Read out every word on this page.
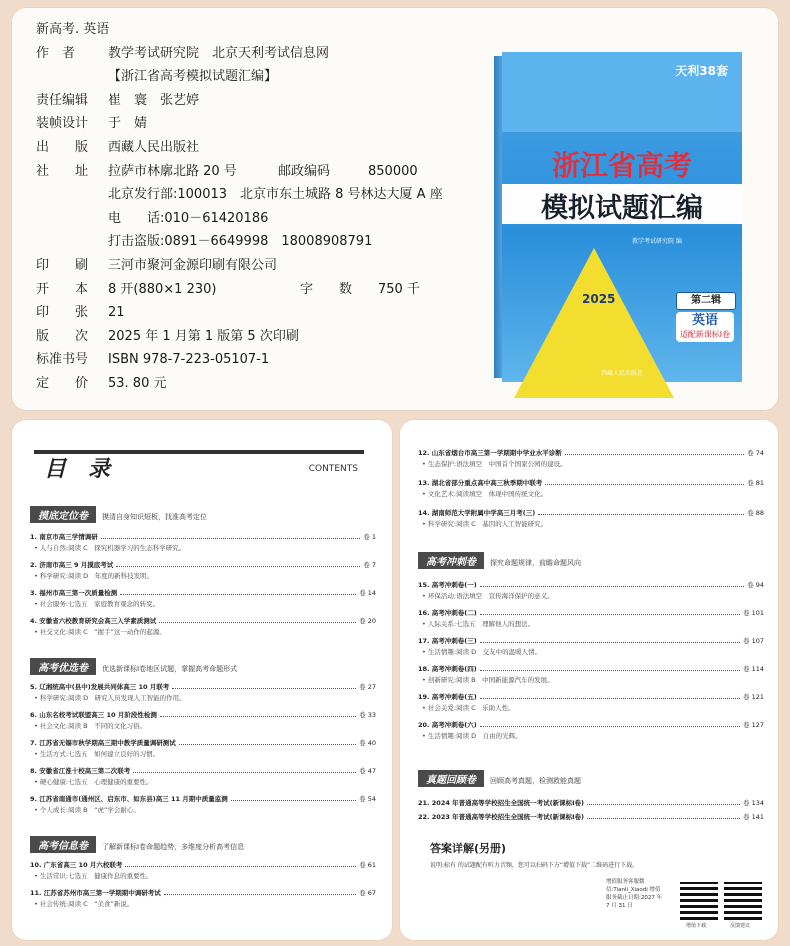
新高考. 英语
作　者	教学考试研究院　北京天利考试信息网
【浙江省高考模拟试题汇编】
责任编辑	崔　寰　张艺婷
装帧设计	于　婧
出　　版	西藏人民出版社
社　　址	拉萨市林廓北路 20 号	邮政编码	850000
北京发行部:100013　北京市东土城路 8 号林达大厦 A 座
电　　话: 010－61420186
打击盗版:0891－6649998　18008908791
印　　刷	三河市聚河金源印刷有限公司
开　　本	8 开(880×1 230)	字　　数	750 千
印　　张	21
版　　次	2025 年 1 月第 1 版第 5 次印刷
标准书号	ISBN 978-7-223-05107-1
定　　价	53. 80 元
天利38套
浙江省高考
模拟试题汇编
教学考试研究院 编
2025	第二辑
英语
适配新课标Ⅰ卷
西藏人民出版社
目　录	CONTENTS
摸底定位卷 摸清自身知识短板，找准高考定位
1. 南京市高三学情调研	卷 1
• 人与自然:阅读 C　探究机器学习的生态科学研究。
2. 济南市高三 9 月摸底考试	卷 7
• 科学研究:阅读 D　年度的新科技发明。
3. 福州市高三第一次质量检测	卷 14
• 社会服务:七选五　家庭教育观念的转变。
4. 安徽省六校教育研究会高三入学素质测试	卷 20
• 社交文化:阅读 C　“握手”这一动作的起源。
高考优选卷 优选新课标Ⅰ卷地区试题，掌握高考命题形式
5. 辽湘统高中(县中)发展共同体高三 10 月联考	卷 27
• 科学研究:阅读 D　研究人员发现人工智能的作用。
6. 山东名校考试联盟高三 10 月阶段性检测	卷 33
• 社会文化:阅读 B　不同的文化习俗。
7. 江苏省无锡市秋学期高三期中教学质量调研测试	卷 40
• 生活方式:七选五　如何建立良好的习惯。
8. 安徽省江淮十校高三第二次联考	卷 47
• 硬心健康:七选五　心理健康的重要性。
9. 江苏省南通市(通州区、启东市、如东县)高三 11 月期中质量监测	卷 54
• 个人成长:阅读 B　“虎”学会耐心。
高考信息卷 了解新课标Ⅰ卷命题趋势，多维度分析高考信息
10. 广东省高三 10 月六校联考	卷 61
• 生活常识:七选五　健康作息的重要性。
11. 江苏省苏州市高三第一学期期中调研考试	卷 67
• 社会传统:阅读 C　“美食”新说。
12. 山东省烟台市高三第一学期期中学业水平诊断	卷 74
• 生态保护:语法填空　中国首个国家公园的建设。
13. 湖北省部分重点高中高三秋季期中联考	卷 81
• 文化艺术:阅读填空　体现中国传统文化。
14. 湖南师范大学附属中学高三月考(三)	卷 88
• 科学研究:阅读 C　基因的人工智能研究。
高考冲刺卷 探究命题规律，前瞻命题风向
15. 高考冲刺卷(一)	卷 94
• 环保活动:语法填空　宣传海洋保护的意义。
16. 高考冲刺卷(二)	卷 101
• 人际关系:七选五　理解他人的想法。
17. 高考冲刺卷(三)	卷 107
• 生活情趣:阅读 D　交友中的温暖人情。
18. 高考冲刺卷(四)	卷 114
• 创新研究:阅读 B　中国新能源汽车的发展。
19. 高考冲刺卷(五)	卷 121
• 社会关爱:阅读 C　乐助人性。
20. 高考冲刺卷(六)	卷 127
• 生活情趣:阅读 D　自由的光辉。
真题回顾卷 回顾高考真题，检测救能真题
21. 2024 年普通高等学校招生全国统一考试(新课标Ⅰ卷)	卷 134
22. 2023 年普通高等学校招生全国统一考试(新课标Ⅰ卷)	卷 141
答案详解(另册)
说明:标有 的试题配有听力音频，您可以扫码下方“增值下载”二维码进行下载。
增值服务客服微信:Tianli_Xiaodi 增值服务截止日期:2027 年 7 月 31 日
增值下载	反馈建议
